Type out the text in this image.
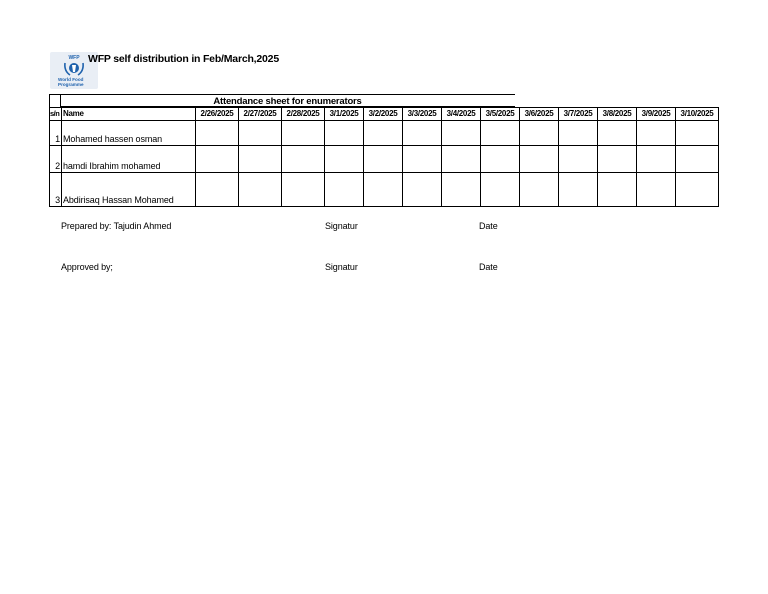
WFP
World Food
Programme
WFP self distribution in Feb/March,2025
Attendance sheet for enumerators
s/n	Name	2/26/2025	2/27/2025	2/28/2025	3/1/2025	3/2/2025	3/3/2025	3/4/2025	3/5/2025	3/6/2025	3/7/2025	3/8/2025	3/9/2025	3/10/2025
1	Mohamed hassen osman													
2	hamdi Ibrahim mohamed													
3	Abdirisaq Hassan Mohamed													
Prepared by: Tajudin Ahmed	Signatur	Date
Approved by;	Signatur	Date
